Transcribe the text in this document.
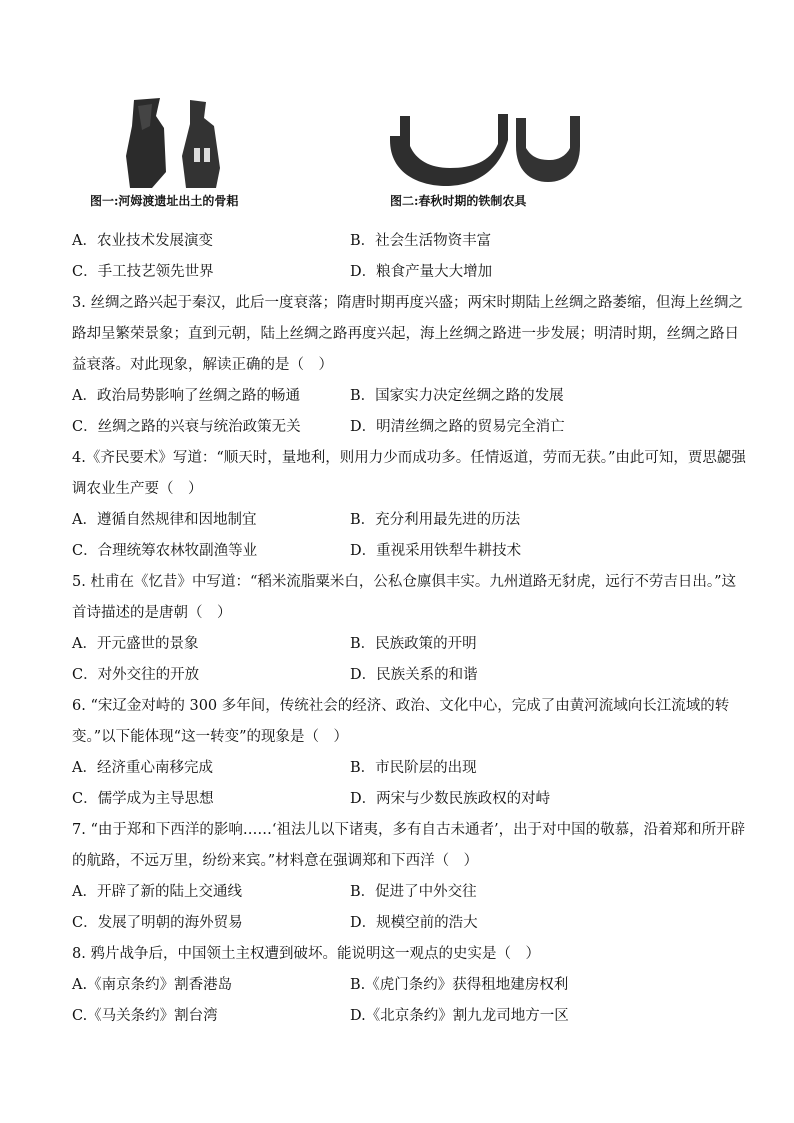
图一:河姆渡遗址出土的骨耜	图二:春秋时期的铁制农具
A．农业技术发展演变	B．社会生活物资丰富
C．手工技艺领先世界	D．粮食产量大大增加
3. 丝绸之路兴起于秦汉，此后一度衰落；隋唐时期再度兴盛；两宋时期陆上丝绸之路萎缩，但海上丝绸之
路却呈繁荣景象；直到元朝，陆上丝绸之路再度兴起，海上丝绸之路进一步发展；明清时期，丝绸之路日
益衰落。对此现象，解读正确的是（　）
A．政治局势影响了丝绸之路的畅通	B．国家实力决定丝绸之路的发展
C．丝绸之路的兴衰与统治政策无关	D．明清丝绸之路的贸易完全消亡
4.《齐民要术》写道：“顺天时，量地利，则用力少而成功多。任情返道，劳而无获。”由此可知，贾思勰强
调农业生产要（　）
A．遵循自然规律和因地制宜	B．充分利用最先进的历法
C．合理统筹农林牧副渔等业	D．重视采用铁犁牛耕技术
5. 杜甫在《忆昔》中写道：“稻米流脂粟米白，公私仓廪俱丰实。九州道路无豺虎，远行不劳吉日出。”这
首诗描述的是唐朝（　）
A．开元盛世的景象	B．民族政策的开明
C．对外交往的开放	D．民族关系的和谐
6. “宋辽金对峙的 300 多年间，传统社会的经济、政治、文化中心，完成了由黄河流域向长江流域的转
变。”以下能体现“这一转变”的现象是（　）
A．经济重心南移完成	B．市民阶层的出现
C．儒学成为主导思想	D．两宋与少数民族政权的对峙
7. “由于郑和下西洋的影响……‘祖法儿以下诸夷，多有自古未通者’，出于对中国的敬慕，沿着郑和所开辟
的航路，不远万里，纷纷来宾。”材料意在强调郑和下西洋（　）
A．开辟了新的陆上交通线	B．促进了中外交往
C．发展了明朝的海外贸易	D．规模空前的浩大
8. 鸦片战争后，中国领土主权遭到破坏。能说明这一观点的史实是（　）
A.《南京条约》割香港岛	B.《虎门条约》获得租地建房权利
C.《马关条约》割台湾	D.《北京条约》割九龙司地方一区
